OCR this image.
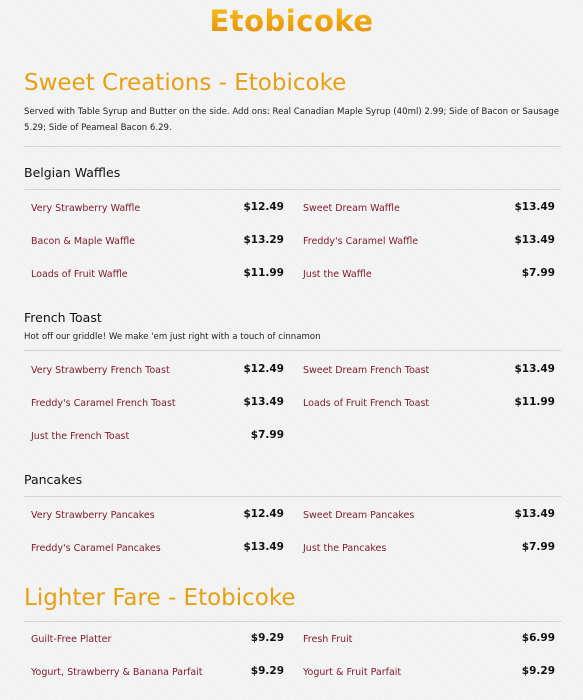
Etobicoke
Sweet Creations - Etobicoke
Served with Table Syrup and Butter on the side. Add ons: Real Canadian Maple Syrup (40ml) 2.99; Side of Bacon or Sausage 5.29; Side of Peameal Bacon 6.29.
Belgian Waffles
Very Strawberry Waffle	$12.49 Sweet Dream Waffle	$13.49
Bacon & Maple Waffle	$13.29 Freddy's Caramel Waffle	$13.49
Loads of Fruit Waffle	$11.99 Just the Waffle	$7.99
French Toast
Hot off our griddle! We make 'em just right with a touch of cinnamon
Very Strawberry French Toast	$12.49 Sweet Dream French Toast	$13.49
Freddy's Caramel French Toast	$13.49 Loads of Fruit French Toast	$11.99
Just the French Toast	$7.99
Pancakes
Very Strawberry Pancakes	$12.49 Sweet Dream Pancakes	$13.49
Freddy's Caramel Pancakes	$13.49 Just the Pancakes	$7.99
Lighter Fare - Etobicoke
Guilt-Free Platter	$9.29 Fresh Fruit	$6.99
Yogurt, Strawberry & Banana Parfait	$9.29 Yogurt & Fruit Parfait	$9.29
